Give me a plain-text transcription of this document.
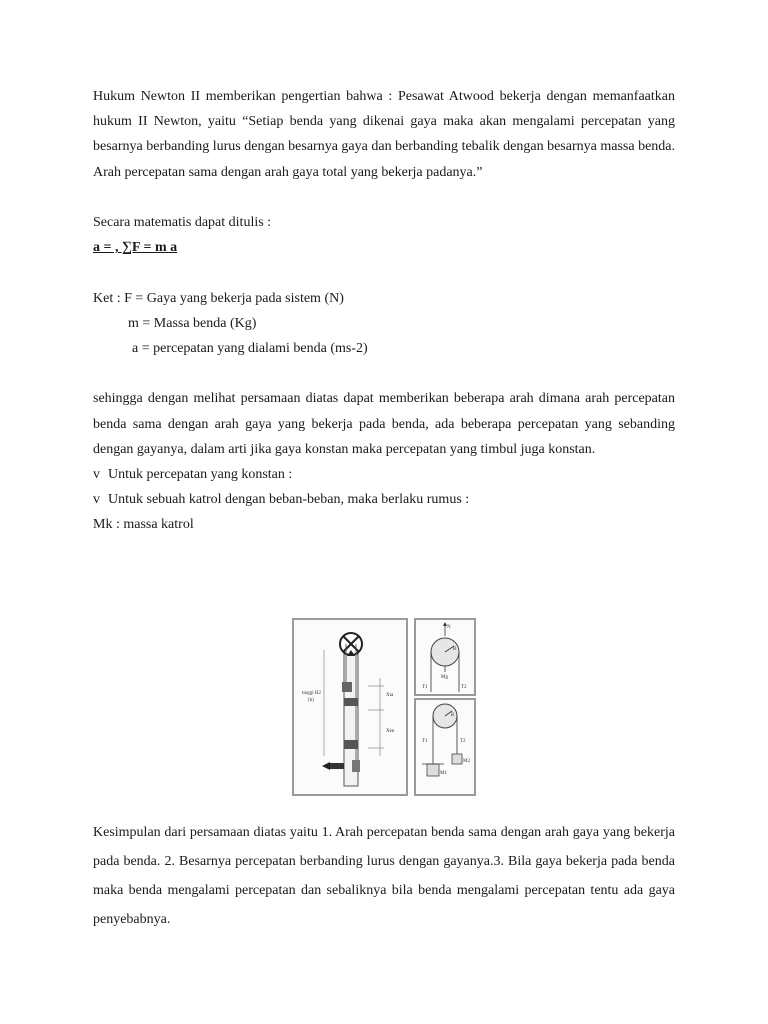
Hukum Newton II memberikan pengertian bahwa : Pesawat Atwood bekerja dengan memanfaatkan hukum II Newton, yaitu “Setiap benda yang dikenai gaya maka akan mengalami percepatan yang besarnya berbanding lurus dengan besarnya gaya dan berbanding tebalik dengan besarnya massa benda. Arah percepatan sama dengan arah gaya total yang bekerja padanya.”

Secara matematis dapat ditulis :

a = , ∑F = m a

Ket : F = Gaya yang bekerja pada sistem (N)

m = Massa benda (Kg)

a = percepatan yang dialami benda (ms-2)

sehingga dengan melihat persamaan diatas dapat memberikan beberapa arah dimana arah percepatan benda sama dengan arah gaya yang bekerja pada benda, ada beberapa percepatan yang sebanding dengan gayanya, dalam arti jika gaya konstan maka percepatan yang timbul juga konstan.

v Untuk percepatan yang konstan :
v Untuk sebuah katrol dengan beban-beban, maka berlaku rumus :

Mk : massa katrol

tinggi H2
(h)
Xta
Xen
N
R
Mg
T1	T2
T1	T2
M1
M2
R

Kesimpulan dari persamaan diatas yaitu 1. Arah percepatan benda sama dengan arah gaya yang bekerja pada benda. 2. Besarnya percepatan berbanding lurus dengan gayanya.3. Bila gaya bekerja pada benda maka benda mengalami percepatan dan sebaliknya bila benda mengalami percepatan tentu ada gaya penyebabnya.
